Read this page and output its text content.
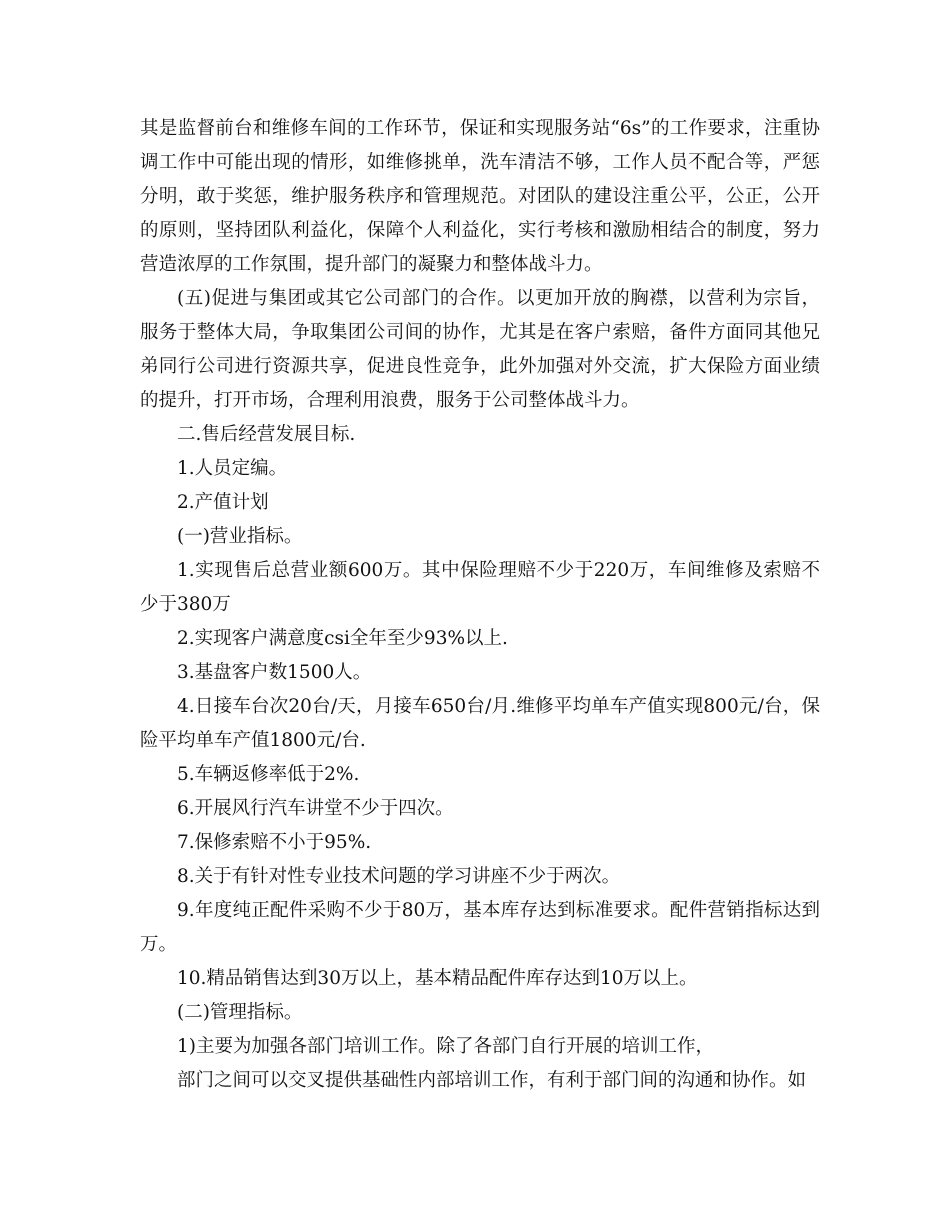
其是监督前台和维修车间的工作环节，保证和实现服务站“6s”的工作要求，注重协调工作中可能出现的情形，如维修挑单，洗车清洁不够，工作人员不配合等，严惩分明，敢于奖惩，维护服务秩序和管理规范。对团队的建设注重公平，公正，公开的原则，坚持团队利益化，保障个人利益化，实行考核和激励相结合的制度，努力营造浓厚的工作氛围，提升部门的凝聚力和整体战斗力。

(五)促进与集团或其它公司部门的合作。以更加开放的胸襟，以营利为宗旨，服务于整体大局，争取集团公司间的协作，尤其是在客户索赔，备件方面同其他兄弟同行公司进行资源共享，促进良性竞争，此外加强对外交流，扩大保险方面业绩的提升，打开市场，合理利用浪费，服务于公司整体战斗力。

二.售后经营发展目标.

1.人员定编。

2.产值计划

(一)营业指标。

1.实现售后总营业额600万。其中保险理赔不少于220万，车间维修及索赔不少于380万

2.实现客户满意度csi全年至少93%以上.

3.基盘客户数1500人。

4.日接车台次20台/天，月接车650台/月.维修平均单车产值实现800元/台，保险平均单车产值1800元/台.

5.车辆返修率低于2%.

6.开展风行汽车讲堂不少于四次。

7.保修索赔不小于95%.

8.关于有针对性专业技术问题的学习讲座不少于两次。

9.年度纯正配件采购不少于80万，基本库存达到标准要求。配件营销指标达到万。

10.精品销售达到30万以上，基本精品配件库存达到10万以上。

(二)管理指标。

1)主要为加强各部门培训工作。除了各部门自行开展的培训工作，

部门之间可以交叉提供基础性内部培训工作，有利于部门间的沟通和协作。如
